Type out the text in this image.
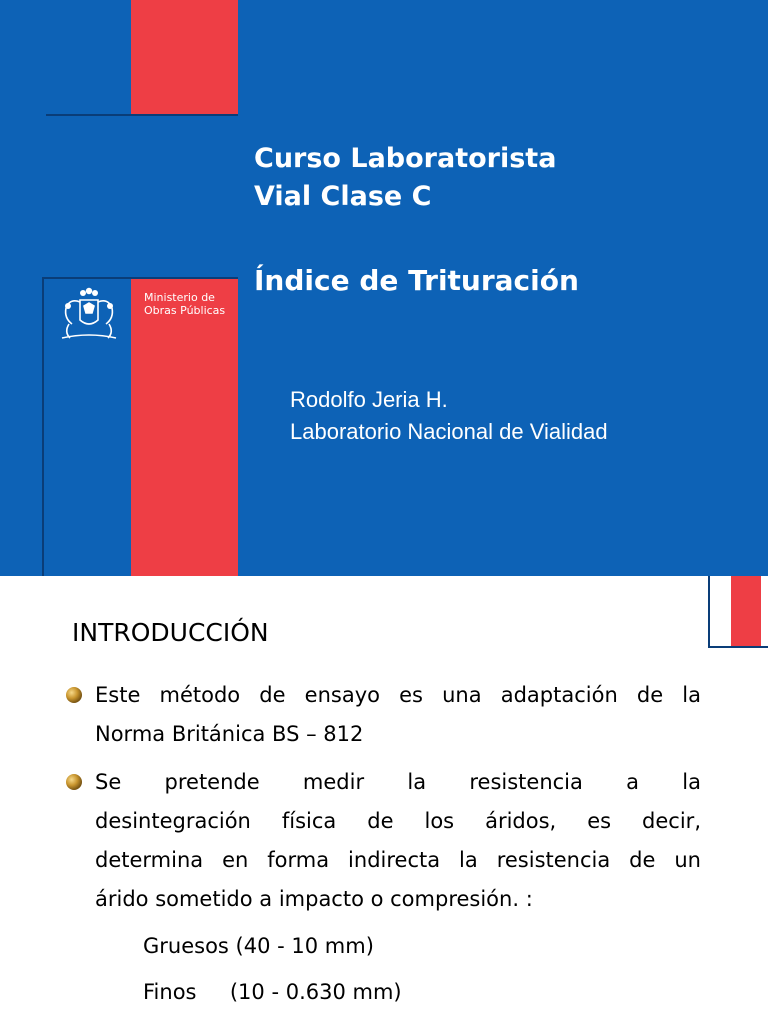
Ministerio de
Obras Públicas
Curso Laboratorista
Vial Clase C
Índice de Trituración
Rodolfo Jeria H.
Laboratorio Nacional de Vialidad
INTRODUCCIÓN
Este método de ensayo es una adaptación de la
Norma Británica BS – 812
Se pretende medir la resistencia a la
desintegración física de los áridos, es decir,
determina en forma indirecta la resistencia de un
árido sometido a impacto o compresión. :
Gruesos (40 - 10 mm)
Finos     (10 - 0.630 mm)
